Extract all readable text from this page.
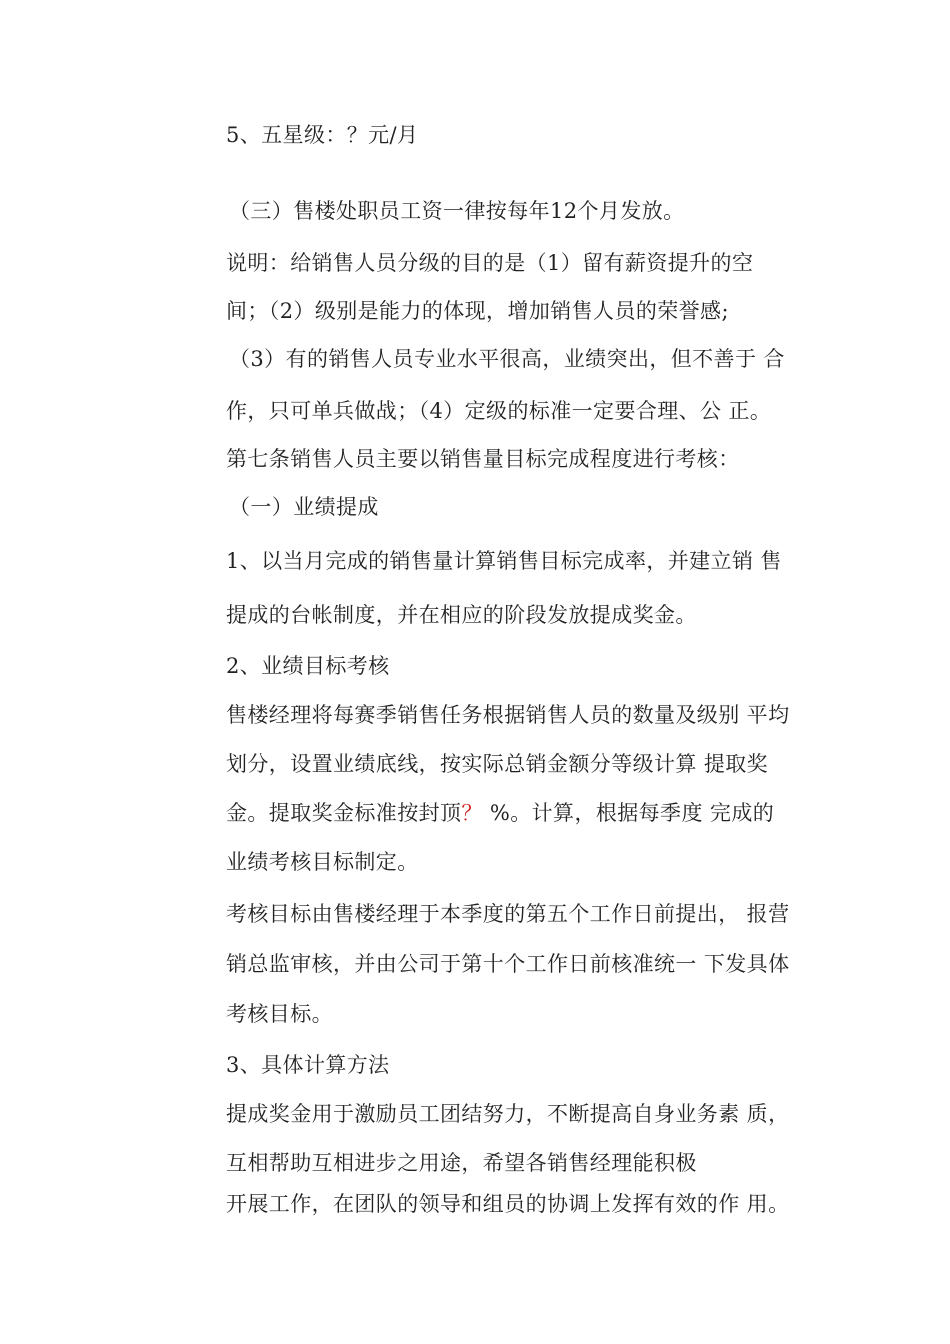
5、五星级：？元/月
（三）售楼处职员工资一律按每年12个月发放。
说明：给销售人员分级的目的是（1）留有薪资提升的空
间；（2）级别是能力的体现，增加销售人员的荣誉感;
（3）有的销售人员专业水平很高，业绩突出，但不善于 合
作，只可单兵做战；（4）定级的标准一定要合理、公 正。
第七条销售人员主要以销售量目标完成程度进行考核：
（一）业绩提成
1、以当月完成的销售量计算销售目标完成率，并建立销 售
提成的台帐制度，并在相应的阶段发放提成奖金。
2、业绩目标考核
售楼经理将每赛季销售任务根据销售人员的数量及级别 平均
划分，设置业绩底线，按实际总销金额分等级计算 提取奖
金。提取奖金标准按封顶？ %。计算，根据每季度 完成的
业绩考核目标制定。
考核目标由售楼经理于本季度的第五个工作日前提出， 报营
销总监审核，并由公司于第十个工作日前核准统一 下发具体
考核目标。
3、具体计算方法
提成奖金用于激励员工团结努力，不断提高自身业务素 质，
互相帮助互相进步之用途，希望各销售经理能积极
开展工作，在团队的领导和组员的协调上发挥有效的作 用。
